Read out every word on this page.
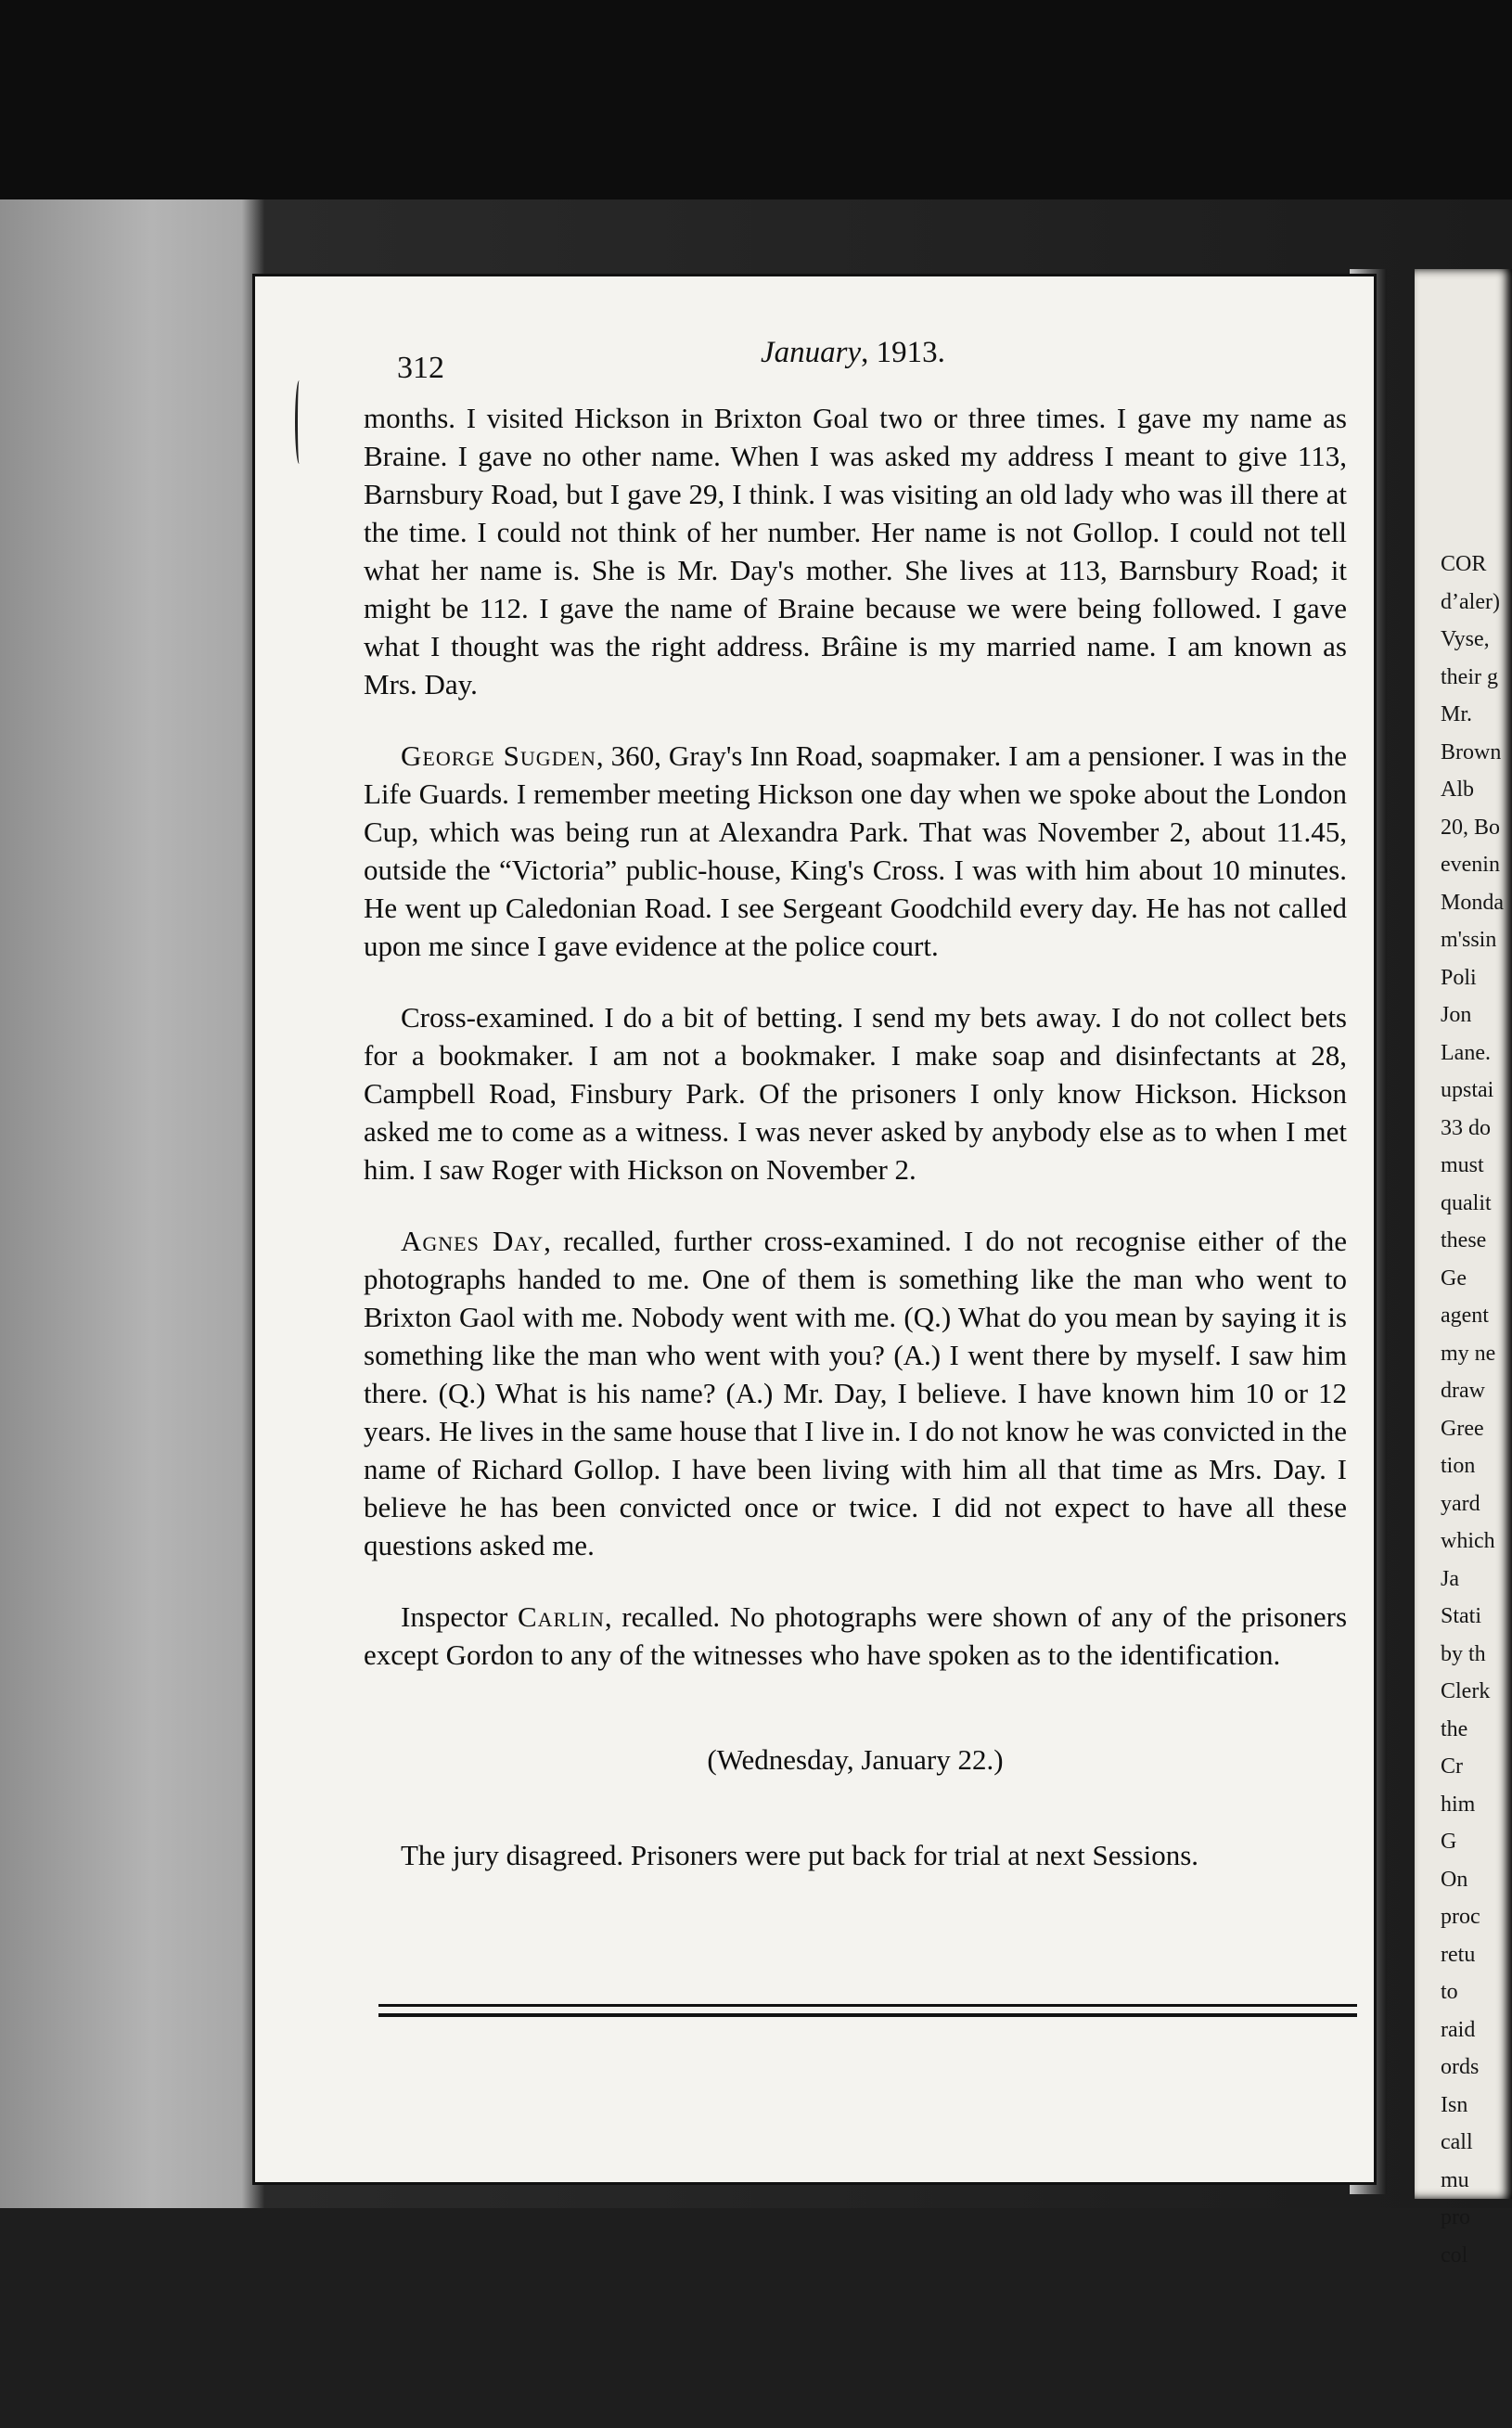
COR
d’aler)
Vyse,
their g
Mr.
Brown
Alb
20, Bo
evenin
Monda
m'ssin
Poli
Jon
Lane.
upstai
33 do
must
qualit
these
Ge
agent
my ne
draw
Gree
tion
yard
which
Ja
Stati
by th
Clerk
the
Cr
him
G
On
proc
retu
to
raid
ords
Isn
call
mu
pro
col
312	January, 1913.

months. I visited Hickson in Brixton Goal two or three times. I gave my name as Braine. I gave no other name. When I was asked my address I meant to give 113, Barnsbury Road, but I gave 29, I think. I was visiting an old lady who was ill there at the time. I could not think of her number. Her name is not Gollop. I could not tell what her name is. She is Mr. Day's mother. She lives at 113, Barnsbury Road; it might be 112. I gave the name of Braine because we were being followed. I gave what I thought was the right address. Brâine is my married name. I am known as Mrs. Day.

George Sugden, 360, Gray's Inn Road, soapmaker. I am a pensioner. I was in the Life Guards. I remember meeting Hickson one day when we spoke about the London Cup, which was being run at Alexandra Park. That was November 2, about 11.45, outside the “Victoria” public-house, King's Cross. I was with him about 10 minutes. He went up Caledonian Road. I see Sergeant Goodchild every day. He has not called upon me since I gave evidence at the police court.

Cross-examined. I do a bit of betting. I send my bets away. I do not collect bets for a bookmaker. I am not a bookmaker. I make soap and disinfectants at 28, Campbell Road, Finsbury Park. Of the prisoners I only know Hickson. Hickson asked me to come as a witness. I was never asked by anybody else as to when I met him. I saw Roger with Hickson on November 2.

Agnes Day, recalled, further cross-examined. I do not recognise either of the photographs handed to me. One of them is something like the man who went to Brixton Gaol with me. Nobody went with me. (Q.) What do you mean by saying it is something like the man who went with you? (A.) I went there by myself. I saw him there. (Q.) What is his name? (A.) Mr. Day, I believe. I have known him 10 or 12 years. He lives in the same house that I live in. I do not know he was convicted in the name of Richard Gollop. I have been living with him all that time as Mrs. Day. I believe he has been convicted once or twice. I did not expect to have all these questions asked me.

Inspector Carlin, recalled. No photographs were shown of any of the prisoners except Gordon to any of the witnesses who have spoken as to the identification.

(Wednesday, January 22.)

The jury disagreed. Prisoners were put back for trial at next Sessions.
